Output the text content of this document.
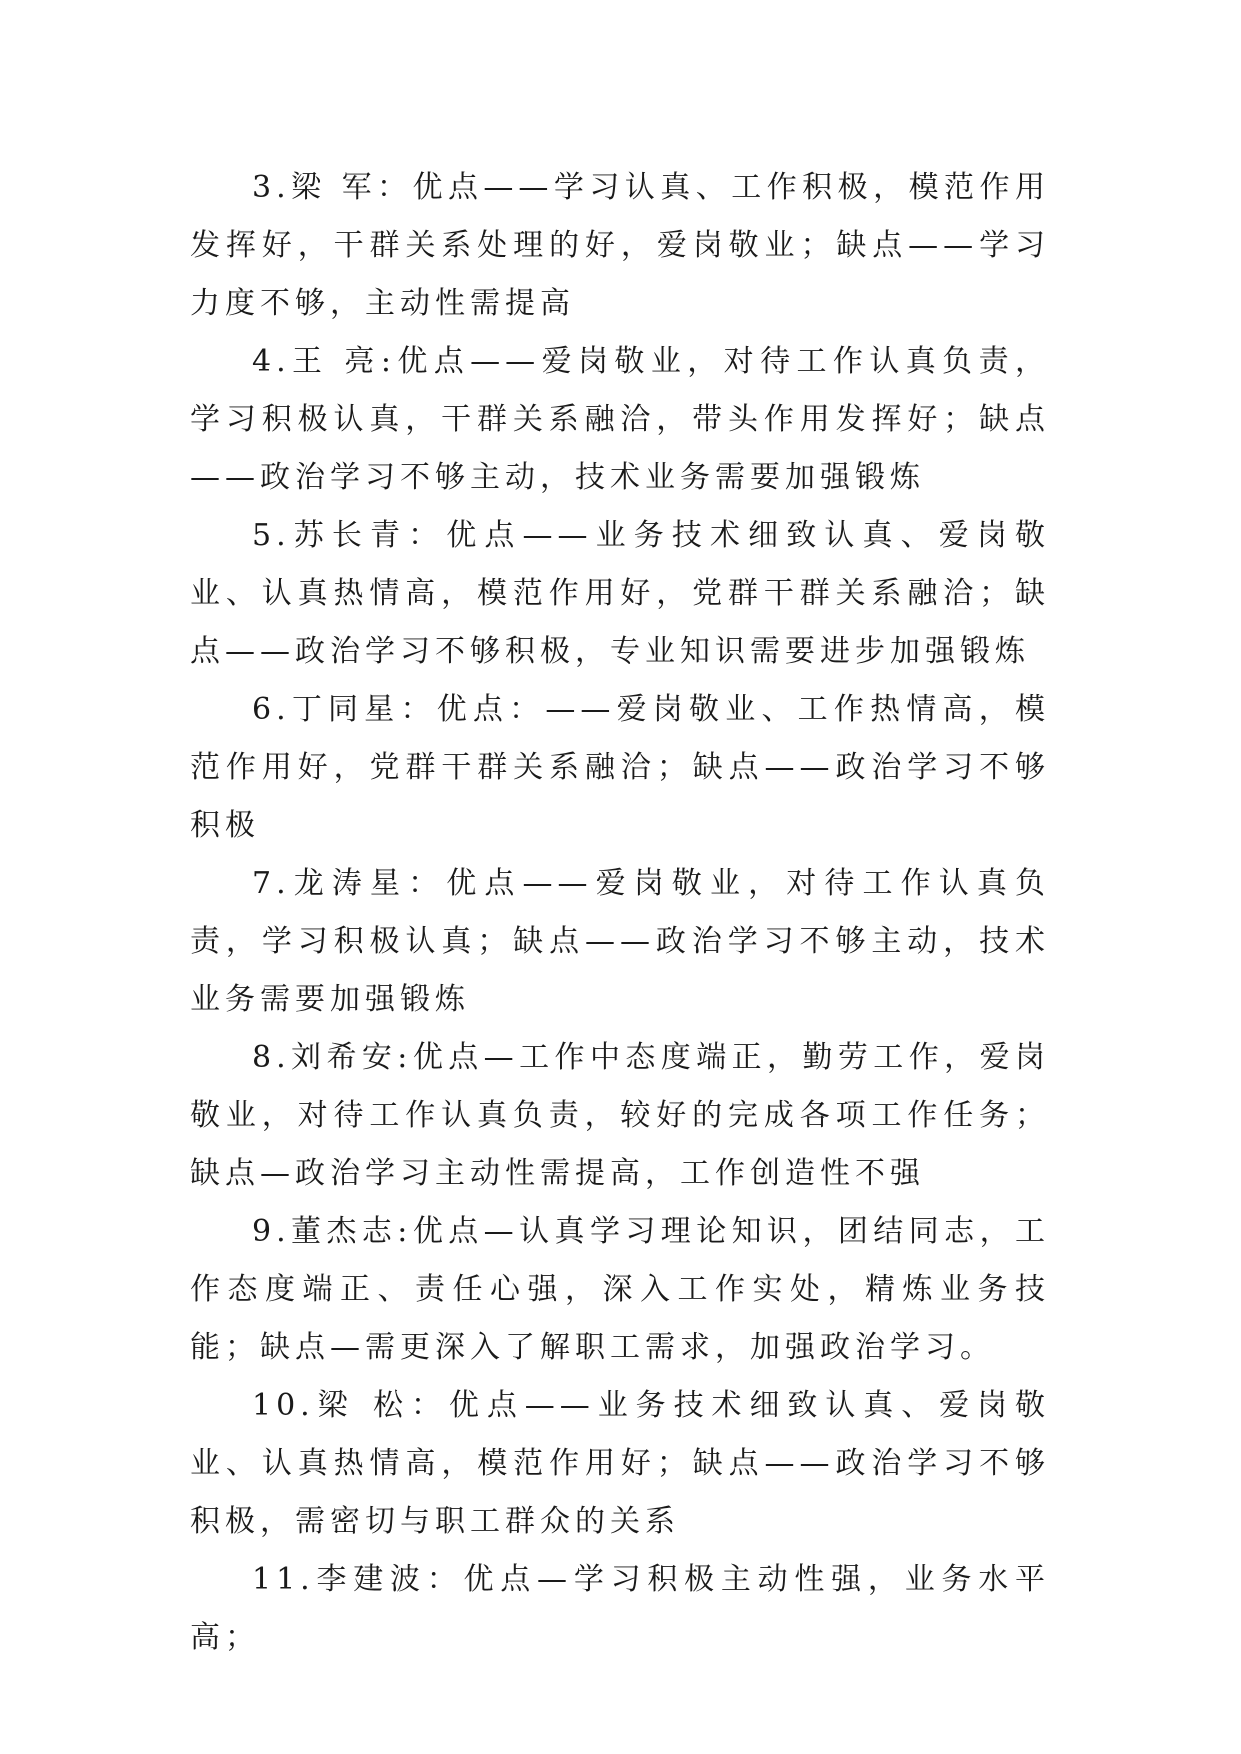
3.梁 军：优点——学习认真、工作积极，模范作用发挥好，干群关系处理的好，爱岗敬业；缺点——学习力度不够，主动性需提高

4.王 亮:优点——爱岗敬业，对待工作认真负责，学习积极认真，干群关系融洽，带头作用发挥好；缺点——政治学习不够主动，技术业务需要加强锻炼

5.苏长青：优点——业务技术细致认真、爱岗敬业、认真热情高，模范作用好，党群干群关系融洽；缺点——政治学习不够积极，专业知识需要进步加强锻炼

6.丁同星：优点：——爱岗敬业、工作热情高，模范作用好，党群干群关系融洽；缺点——政治学习不够积极

7.龙涛星：优点——爱岗敬业，对待工作认真负责，学习积极认真；缺点——政治学习不够主动，技术业务需要加强锻炼

8.刘希安:优点—工作中态度端正，勤劳工作，爱岗敬业，对待工作认真负责，较好的完成各项工作任务；缺点—政治学习主动性需提高，工作创造性不强

9.董杰志:优点—认真学习理论知识，团结同志，工作态度端正、责任心强，深入工作实处，精炼业务技能；缺点—需更深入了解职工需求，加强政治学习。

10.梁 松：优点——业务技术细致认真、爱岗敬业、认真热情高，模范作用好；缺点——政治学习不够积极，需密切与职工群众的关系

11.李建波：优点—学习积极主动性强，业务水平高；
